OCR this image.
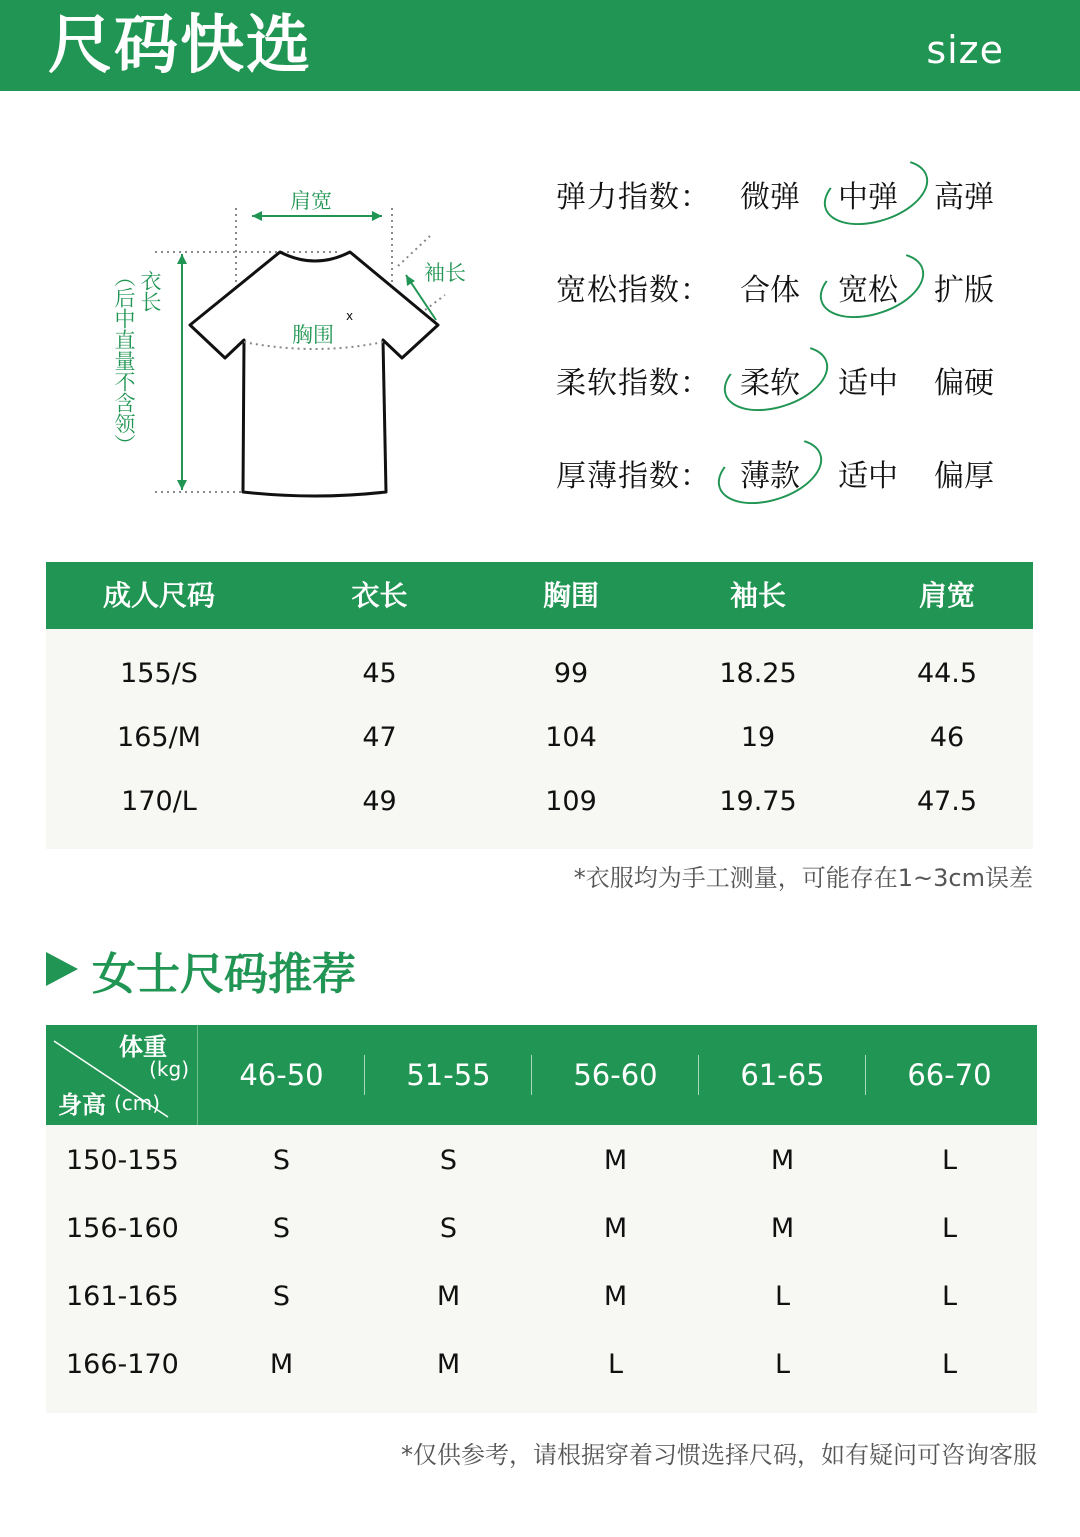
尺码快选	size
肩宽
袖长
胸围
x
衣长
（后中直量不含领）
弹力指数： 微弹 中弹 高弹
宽松指数： 合体 宽松 扩版
柔软指数： 柔软 适中 偏硬
厚薄指数： 薄款 适中 偏厚
成人尺码	衣长	胸围	袖长	肩宽
155/S	45	99	18.25	44.5
165/M	47	104	19	46
170/L	49	109	19.75	47.5
*衣服均为手工测量，可能存在1~3cm误差
女士尺码推荐
体重
(kg)
身高 (cm)
46-50	51-55	56-60	61-65	66-70
150-155	S	S	M	M	L
156-160	S	S	M	M	L
161-165	S	M	M	L	L
166-170	M	M	L	L	L
*仅供参考，请根据穿着习惯选择尺码，如有疑问可咨询客服
